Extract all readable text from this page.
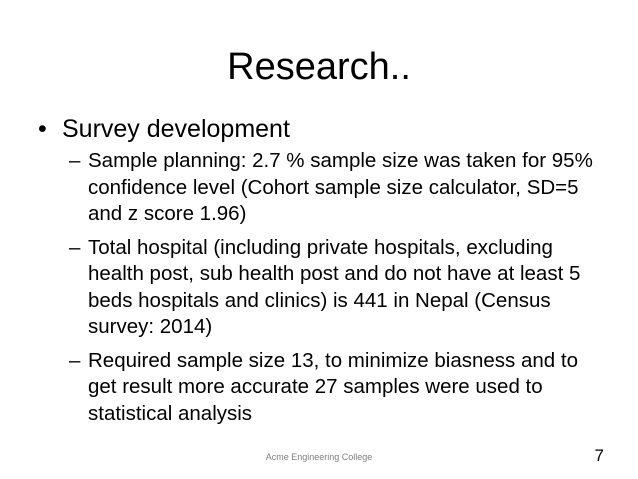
Research..
• Survey development
– Sample planning: 2.7 % sample size was taken for 95%
confidence level (Cohort sample size calculator, SD=5
and z score 1.96)
– Total hospital (including private hospitals, excluding
health post, sub health post and do not have at least 5
beds hospitals and clinics) is 441 in Nepal (Census
survey: 2014)
– Required sample size 13, to minimize biasness and to
get result more accurate 27 samples were used to
statistical analysis
Acme Engineering College	7
